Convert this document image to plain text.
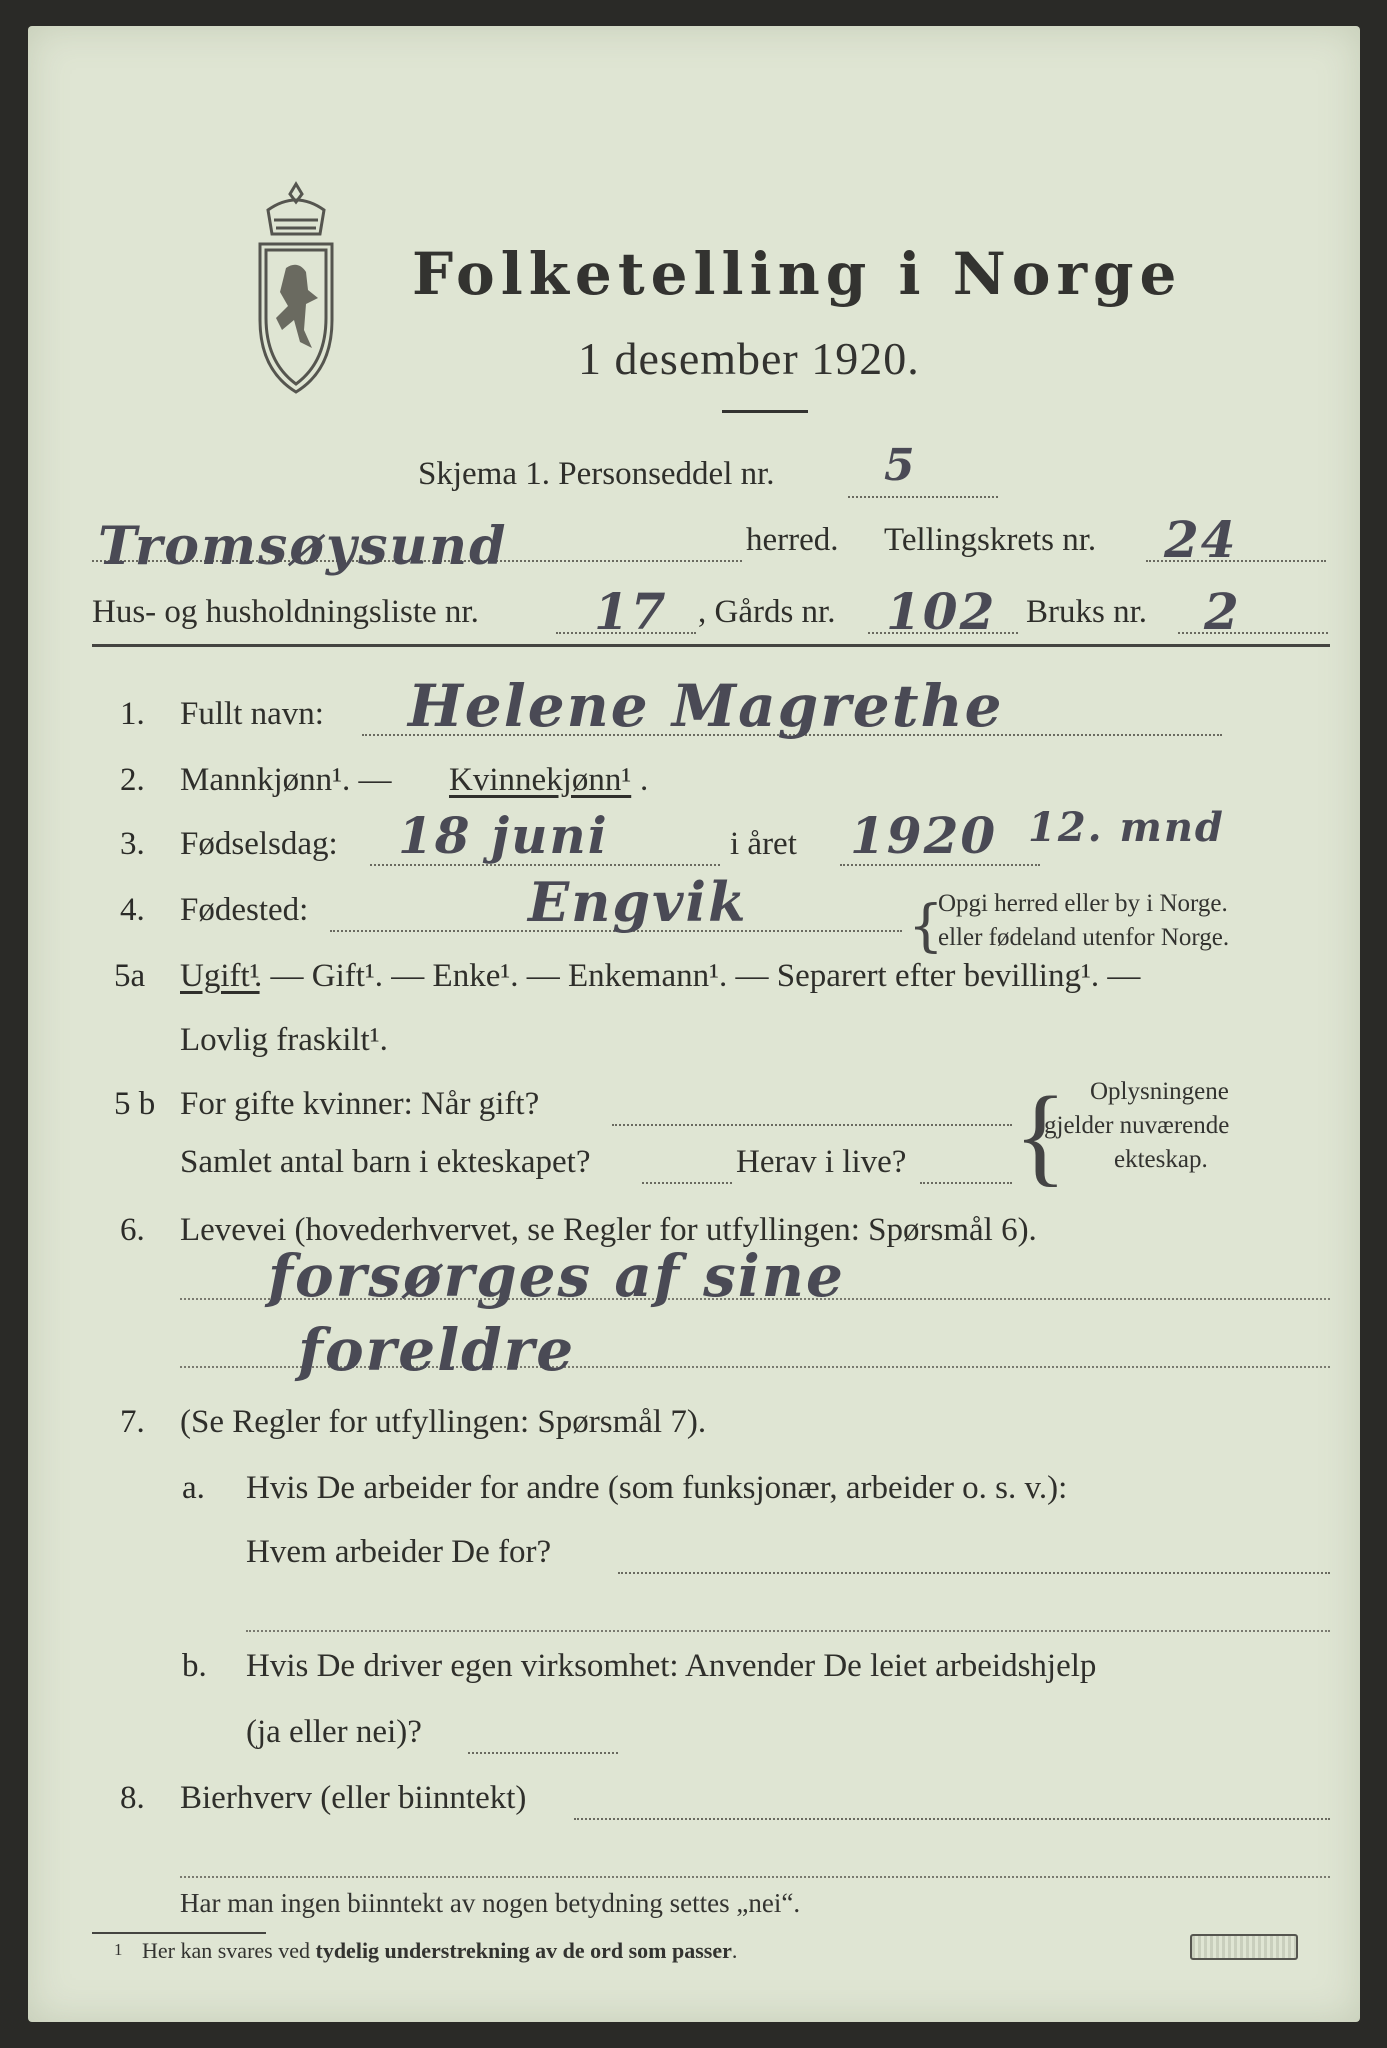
Folketelling i Norge
1 desember 1920.
Skjema 1. Personseddel nr. 5
Tromsøysund	herred. Tellingskrets nr. 24
Hus- og husholdningsliste nr. 17 , Gårds nr. 102 Bruks nr. 2
1. Fullt navn: Helene Magrethe
2. Mannkjønn¹. — Kvinnekjønn¹ .
3. Fødselsdag: 18 juni	i året 1920 12. mnd
4. Fødested:	Engvik	{
Opgi herred eller by i Norge.
eller fødeland utenfor Norge.
5a Ugift¹
. — Gift¹. — Enke¹. — Enkemann¹. — Separert efter bevilling¹. —
Lovlig fraskilt¹.
5 b For gifte kvinner: Når gift?
Samlet antal barn i ekteskapet?	Herav i live? { Oplysningene
gjelder nuværende
ekteskap.
6. Levevei (hovederhvervet, se Regler for utfyllingen: Spørsmål 6).
forsørges af sine
foreldre
7. (Se Regler for utfyllingen: Spørsmål 7).
a. Hvis De arbeider for andre (som funksjonær, arbeider o. s. v.):
Hvem arbeider De for?
b. Hvis De driver egen virksomhet: Anvender De leiet arbeidshjelp
(ja eller nei)?
8. Bierhverv (eller biinntekt)
Har man ingen biinntekt av nogen betydning settes „nei“.
1 Her kan svares ved tydelig understrekning av de ord som passer.
